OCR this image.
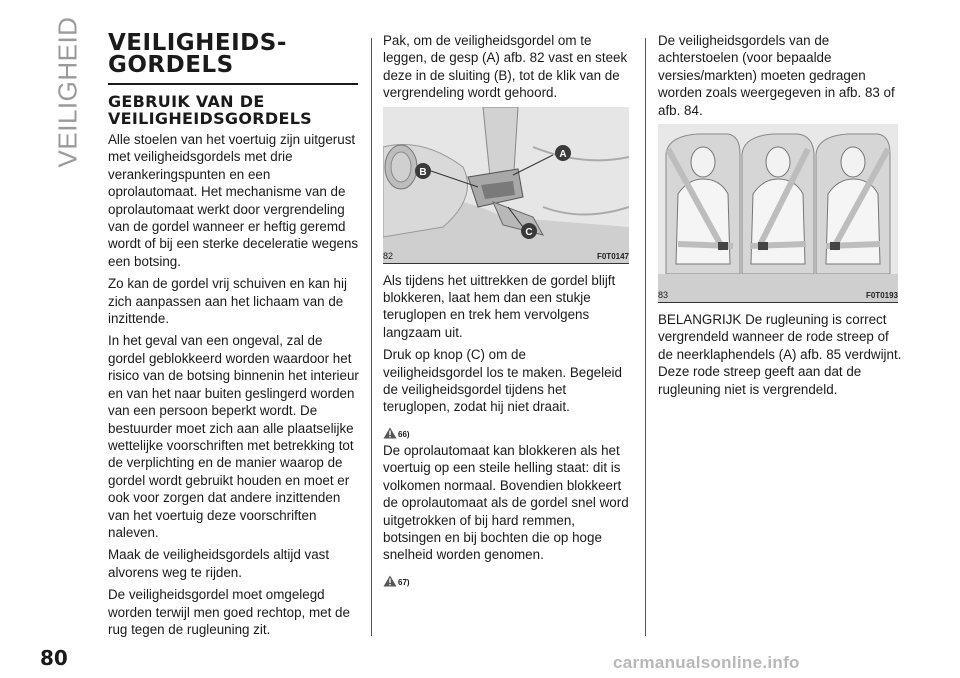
VEILIGHEID VEILIGHEIDS-
GORDELS
GEBRUIK VAN DE
VEILIGHEIDSGORDELS

Alle stoelen van het voertuig zijn uitgerust met veiligheidsgordels met drie verankeringspunten en een oprolautomaat. Het mechanisme van de oprolautomaat werkt door vergrendeling van de gordel wanneer er heftig geremd wordt of bij een sterke deceleratie wegens een botsing.

Zo kan de gordel vrij schuiven en kan hij zich aanpassen aan het lichaam van de inzittende.

In het geval van een ongeval, zal de gordel geblokkeerd worden waardoor het risico van de botsing binnenin het interieur en van het naar buiten geslingerd worden van een persoon beperkt wordt. De bestuurder moet zich aan alle plaatselijke wettelijke voorschriften met betrekking tot de verplichting en de manier waarop de gordel wordt gebruikt houden en moet er ook voor zorgen dat andere inzittenden van het voertuig deze voorschriften naleven.

Maak de veiligheidsgordels altijd vast alvorens weg te rijden.

De veiligheidsgordel moet omgelegd worden terwijl men goed rechtop, met de rug tegen de rugleuning zit.

Pak, om de veiligheidsgordel om te leggen, de gesp (A) afb. 82 vast en steek deze in de sluiting (B), tot de klik van de vergrendeling wordt gehoord.

A
B
C
82	F0T0147

Als tijdens het uittrekken de gordel blijft blokkeren, laat hem dan een stukje teruglopen en trek hem vervolgens langzaam uit.

Druk op knop (C) om de veiligheidsgordel los te maken. Begeleid de veiligheidsgordel tijdens het teruglopen, zodat hij niet draait.

66)

De oprolautomaat kan blokkeren als het voertuig op een steile helling staat: dit is volkomen normaal. Bovendien blokkeert de oprolautomaat als de gordel snel word uitgetrokken of bij hard remmen, botsingen en bij bochten die op hoge snelheid worden genomen.

67)

De veiligheidsgordels van de achterstoelen (voor bepaalde versies/markten) moeten gedragen worden zoals weergegeven in afb. 83 of afb. 84.

83	F0T0193

BELANGRIJK De rugleuning is correct vergrendeld wanneer de rode streep of de neerklaphendels (A) afb. 85 verdwijnt. Deze rode streep geeft aan dat de rugleuning niet is vergrendeld.

80	carmanualsonline.info
